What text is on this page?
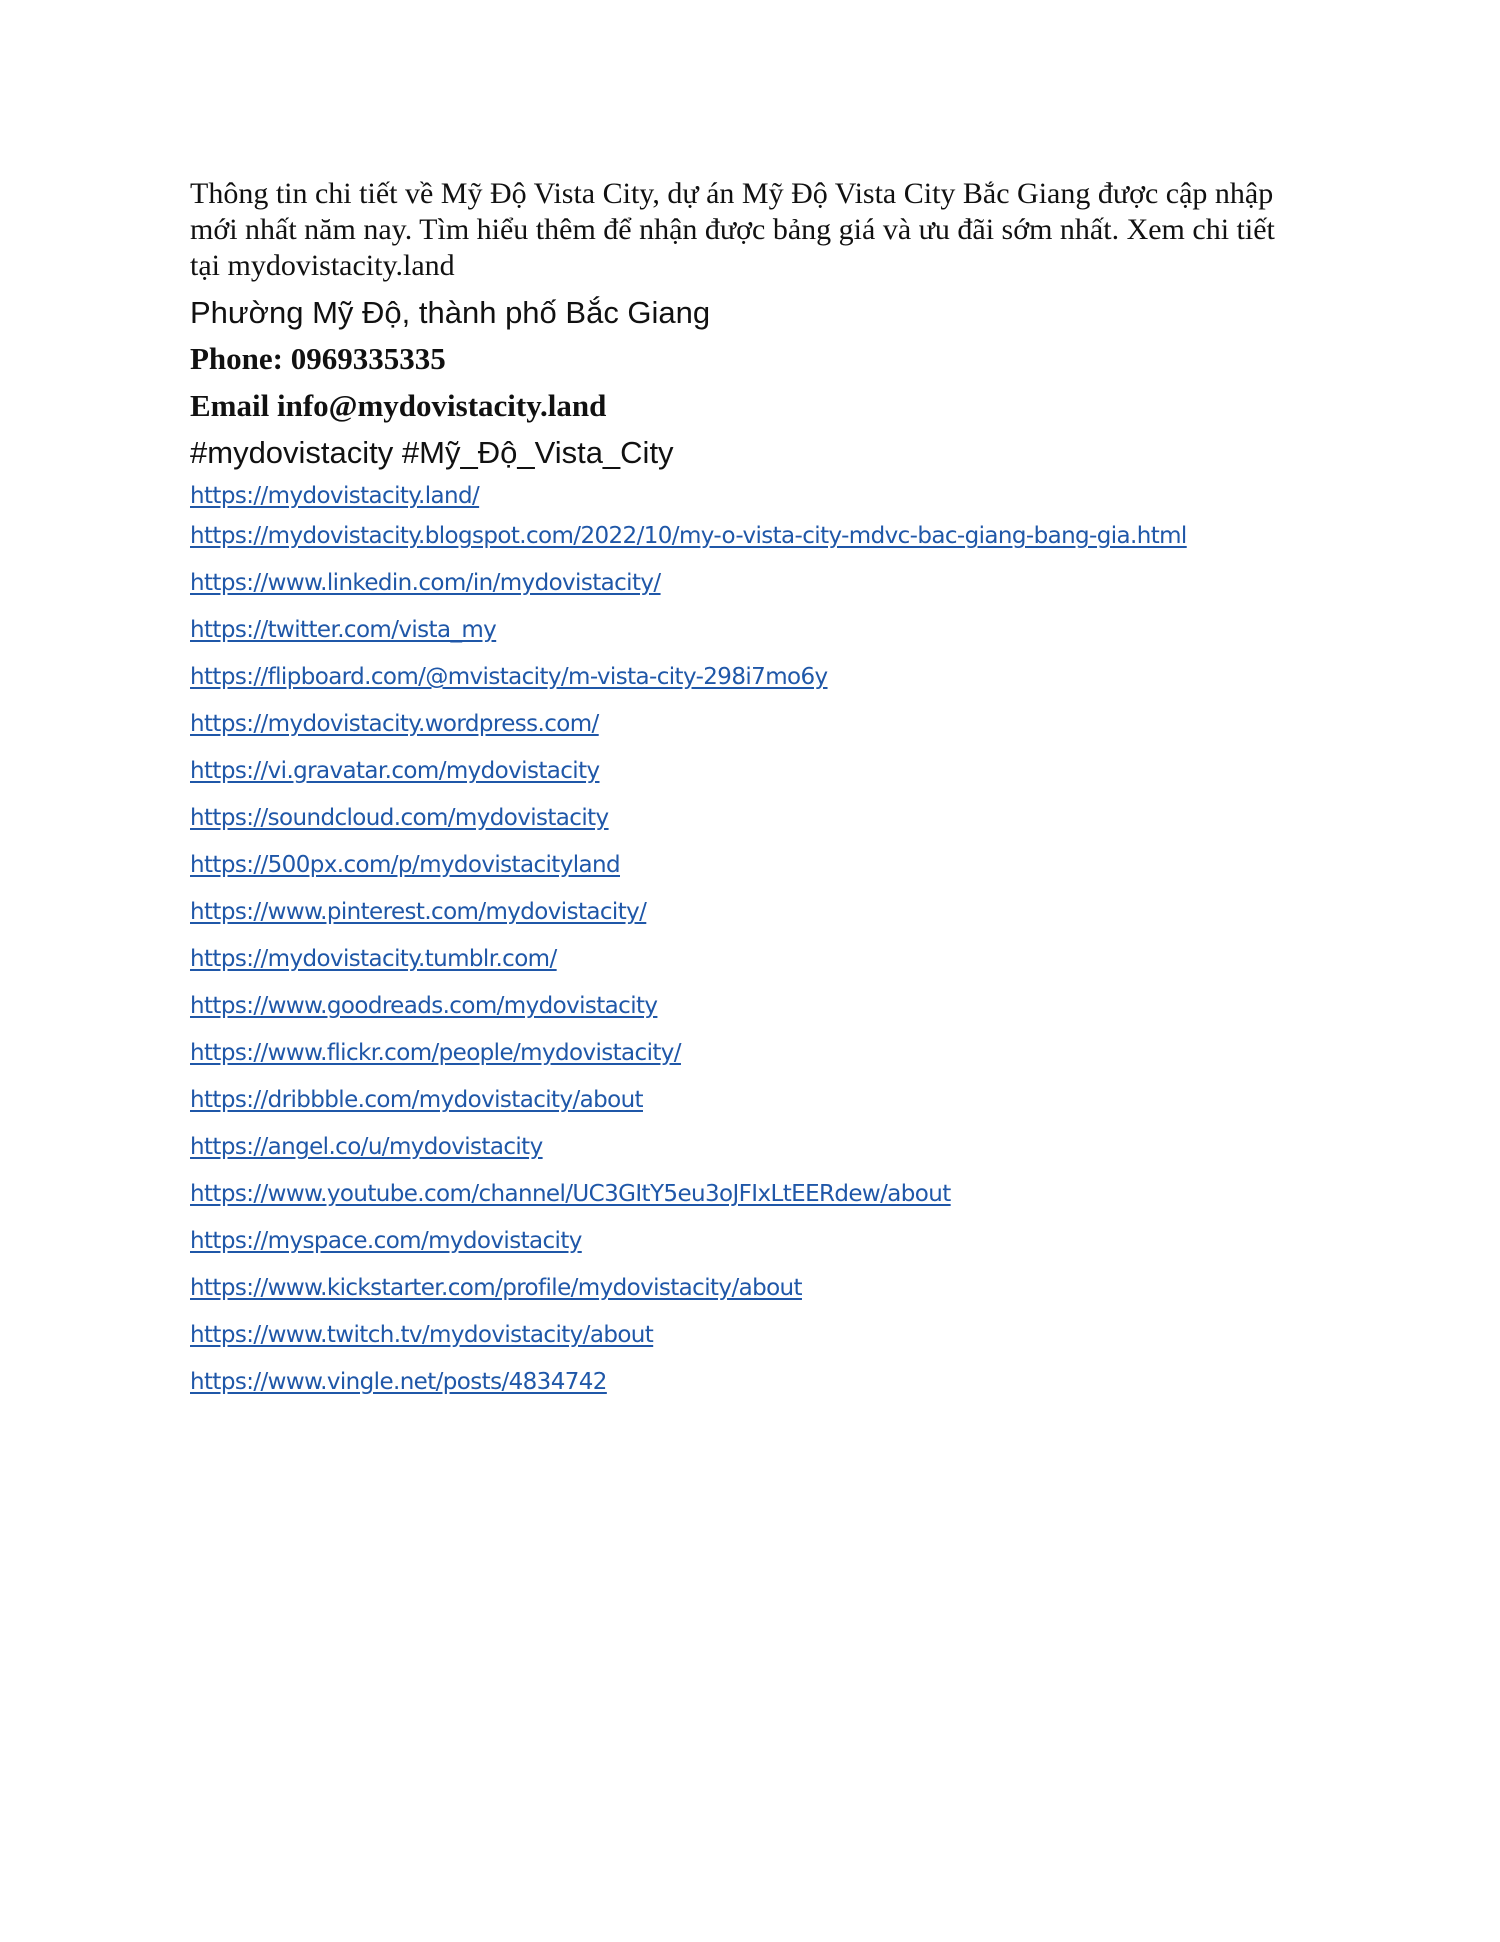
Thông tin chi tiết về Mỹ Độ Vista City, dự án Mỹ Độ Vista City Bắc Giang được cập nhập mới nhất năm nay. Tìm hiểu thêm để nhận được bảng giá và ưu đãi sớm nhất. Xem chi tiết tại mydovistacity.land

Phường Mỹ Độ, thành phố Bắc Giang
Phone: 0969335335
Email info@mydovistacity.land
#mydovistacity #Mỹ_Độ_Vista_City
https://mydovistacity.land/
https://mydovistacity.blogspot.com/2022/10/my-o-vista-city-mdvc-bac-giang-bang-gia.html
https://www.linkedin.com/in/mydovistacity/
https://twitter.com/vista_my
https://flipboard.com/@mvistacity/m-vista-city-298i7mo6y
https://mydovistacity.wordpress.com/
https://vi.gravatar.com/mydovistacity
https://soundcloud.com/mydovistacity
https://500px.com/p/mydovistacityland
https://www.pinterest.com/mydovistacity/
https://mydovistacity.tumblr.com/
https://www.goodreads.com/mydovistacity
https://www.flickr.com/people/mydovistacity/
https://dribbble.com/mydovistacity/about
https://angel.co/u/mydovistacity
https://www.youtube.com/channel/UC3GItY5eu3oJFIxLtEERdew/about
https://myspace.com/mydovistacity
https://www.kickstarter.com/profile/mydovistacity/about
https://www.twitch.tv/mydovistacity/about
https://www.vingle.net/posts/4834742
